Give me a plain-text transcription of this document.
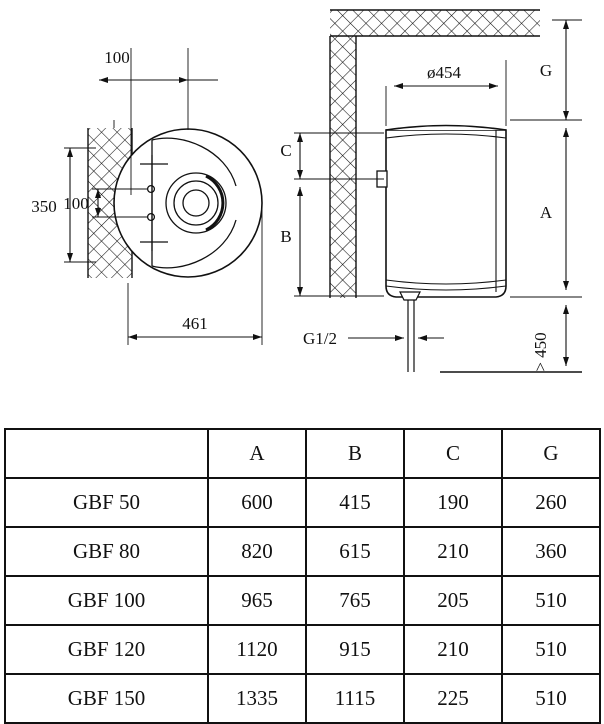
100
350 100
461
ø454	G
A
> 450
C
B
G1/2
	A	B	C	G
GBF 50	600	415	190	260
GBF 80	820	615	210	360
GBF 100	965	765	205	510
GBF 120	1120	915	210	510
GBF 150	1335	1115	225	510
